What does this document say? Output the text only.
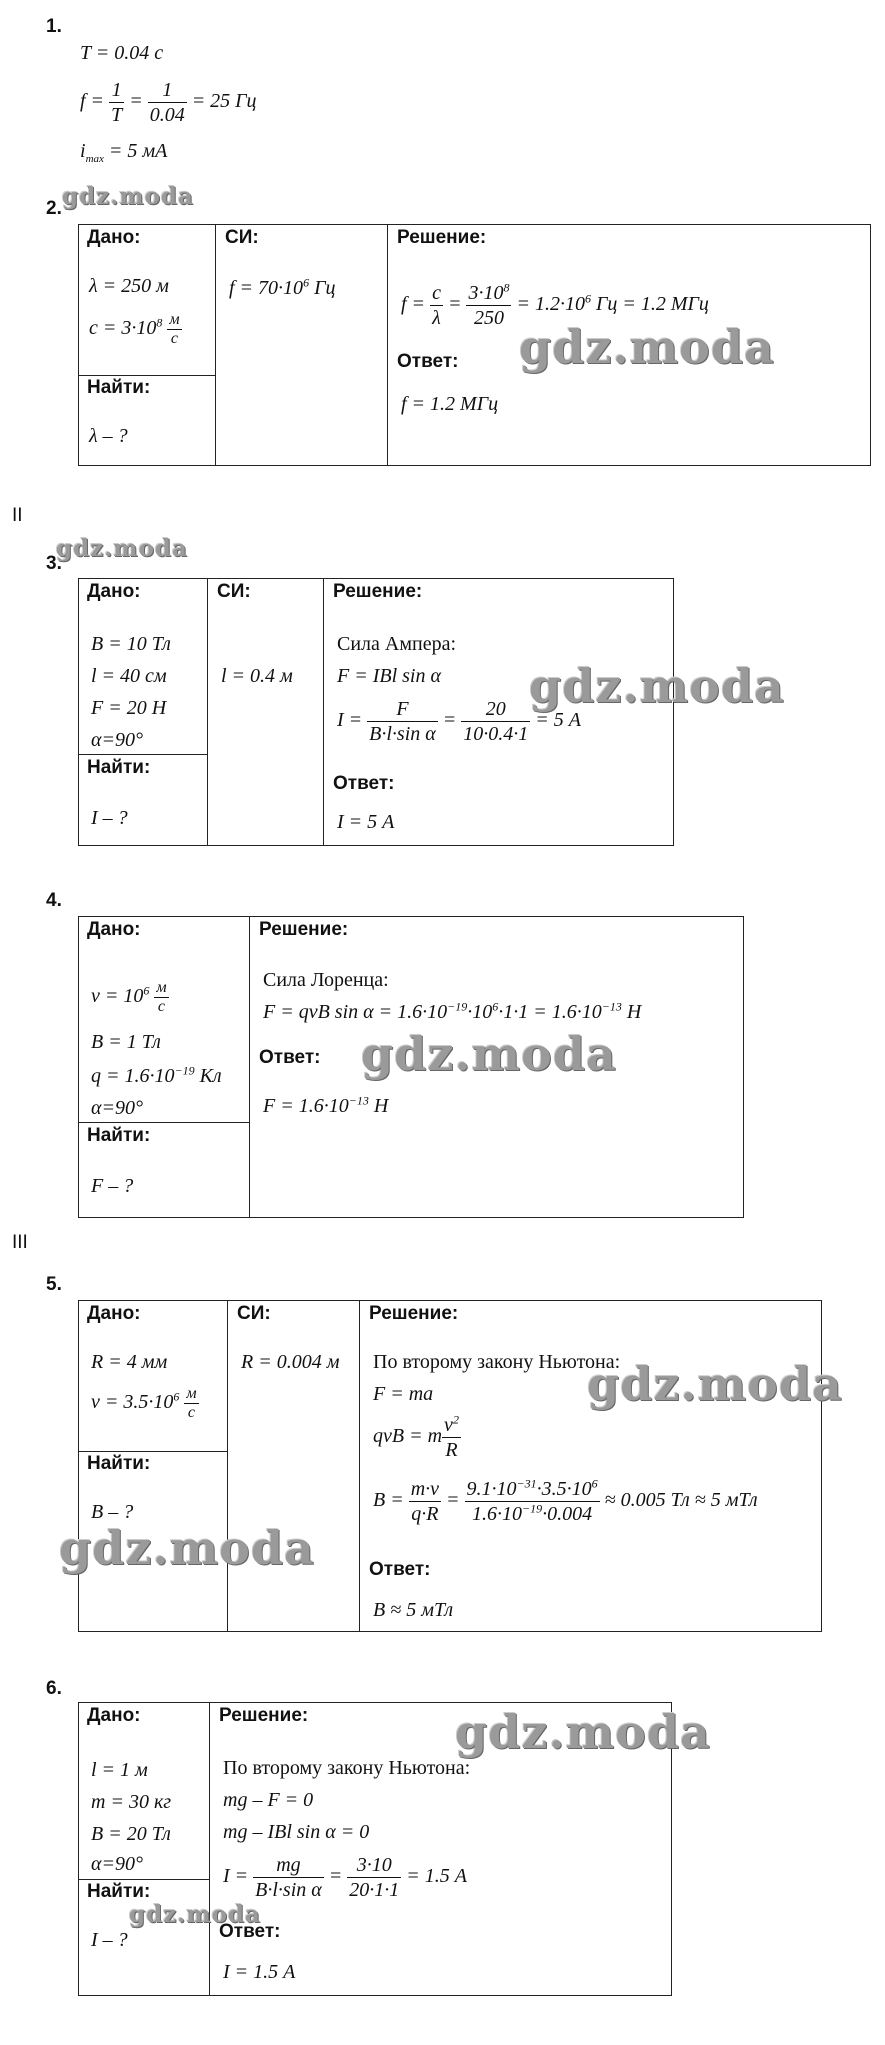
1.
T = 0.04 с
$f = \frac{1}{T} = \frac{1}{0.04} = 25$ Гц
$i_{max} = 5$ мА
2. gdz.moda
Дано:
λ = 250 м
$c = 3\cdot 10^8 \frac{м}{с}$
Найти:
λ – ?
СИ:
$f = 70\cdot 10^6$ Гц
Решение:
$f = \frac{c}{\lambda} = \frac{3\cdot 10^8}{250} = 1.2\cdot 10^6$ Гц = 1.2 МГц
Ответ:
f = 1.2 МГц
gdz.moda
II
3.
gdz.moda
Дано:
B = 10 Тл
l = 40 см
F = 20 Н
α=90°
Найти:
I – ?
СИ:
l = 0.4 м
Решение:
Сила Ампера:
F = IBl sin α
$I = \frac{F}{\text{B·l·sin α}} = \frac{20}{10\cdot 0.4\cdot 1} = 5$ А
Ответ:
I = 5 А
gdz.moda
4.
Дано:
$v = 10^6 \frac{м}{с}$
B = 1 Тл
$q = 1.6\cdot 10^{-19}$ Кл
α=90°
Найти:
F – ?
Решение:
Сила Лоренца:
F = qvB $\sin \alpha = 1.6\cdot 10^{-19}\cdot 10^6\cdot 1\cdot 1 = 1.6\cdot 10^{-13}$ Н
Ответ:
$F = 1.6\cdot 10^{-13}$ Н
gdz.moda
III
5.
Дано:
R = 4 мм
$v = 3.5\cdot 10^6 \frac{м}{с}$
Найти:
B – ?
СИ:
R = 0.004 м
Решение:
По второму закону Ньютона:
F = ma
qvB = m $\frac{v^2}{R}$
$B = \frac{m\cdot v}{q\cdot R} = \frac{9.1\cdot 10^{-31}\cdot 3.5\cdot 10^6}{1.6\cdot 10^{-19}\cdot 0.004} \approx 0.005$ Тл ≈ 5 мТл
Ответ:
B ≈ 5 мТл
gdz.moda
gdz.moda
6.
Дано:
l = 1 м
m = 30 кг
B = 20 Тл
α=90°
Найти:
I – ?
gdz.moda
Решение:
По второму закону Ньютона:
mg – F = 0
mg – IBl sin α = 0
$I = \frac{mg}{\text{B·l·sin α}} = \frac{3\cdot 10}{20\cdot 1\cdot 1} = 1.5$ А
Ответ:
I = 1.5 А
gdz.moda
